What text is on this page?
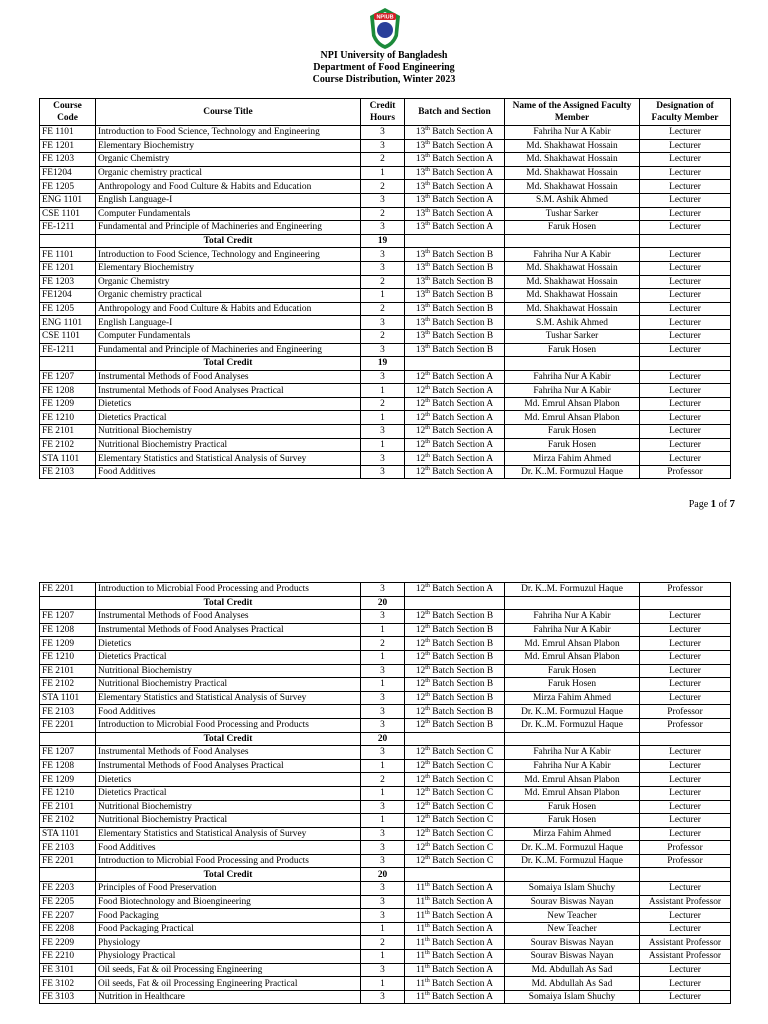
NPIUB
NPI University of Bangladesh
Department of Food Engineering
Course Distribution, Winter 2023
Course Code	Course Title	Credit Hours	Batch and Section	Name of the Assigned Faculty Member	Designation of Faculty Member
FE 1101	Introduction to Food Science, Technology and Engineering	3	13th Batch Section A	Fahriha Nur A Kabir	Lecturer
FE 1201	Elementary Biochemistry	3	13th Batch Section A	Md. Shakhawat Hossain	Lecturer
FE 1203	Organic Chemistry	2	13th Batch Section A	Md. Shakhawat Hossain	Lecturer
FE1204	Organic chemistry practical	1	13th Batch Section A	Md. Shakhawat Hossain	Lecturer
FE 1205	Anthropology and Food Culture & Habits and Education	2	13th Batch Section A	Md. Shakhawat Hossain	Lecturer
ENG 1101	English Language-I	3	13th Batch Section A	S.M. Ashik Ahmed	Lecturer
CSE 1101	Computer Fundamentals	2	13th Batch Section A	Tushar Sarker	Lecturer
FE-1211	Fundamental and Principle of Machineries and Engineering	3	13th Batch Section A	Faruk Hosen	Lecturer
	Total Credit	19			
FE 1101	Introduction to Food Science, Technology and Engineering	3	13th Batch Section B	Fahriha Nur A Kabir	Lecturer
FE 1201	Elementary Biochemistry	3	13th Batch Section B	Md. Shakhawat Hossain	Lecturer
FE 1203	Organic Chemistry	2	13th Batch Section B	Md. Shakhawat Hossain	Lecturer
FE1204	Organic chemistry practical	1	13th Batch Section B	Md. Shakhawat Hossain	Lecturer
FE 1205	Anthropology and Food Culture & Habits and Education	2	13th Batch Section B	Md. Shakhawat Hossain	Lecturer
ENG 1101	English Language-I	3	13th Batch Section B	S.M. Ashik Ahmed	Lecturer
CSE 1101	Computer Fundamentals	2	13th Batch Section B	Tushar Sarker	Lecturer
FE-1211	Fundamental and Principle of Machineries and Engineering	3	13th Batch Section B	Faruk Hosen	Lecturer
	Total Credit	19			
FE 1207	Instrumental Methods of Food Analyses	3	12th Batch Section A	Fahriha Nur A Kabir	Lecturer
FE 1208	Instrumental Methods of Food Analyses Practical	1	12th Batch Section A	Fahriha Nur A Kabir	Lecturer
FE 1209	Dietetics	2	12th Batch Section A	Md. Emrul Ahsan Plabon	Lecturer
FE 1210	Dietetics Practical	1	12th Batch Section A	Md. Emrul Ahsan Plabon	Lecturer
FE 2101	Nutritional Biochemistry	3	12th Batch Section A	Faruk Hosen	Lecturer
FE 2102	Nutritional Biochemistry Practical	1	12th Batch Section A	Faruk Hosen	Lecturer
STA 1101	Elementary Statistics and Statistical Analysis of Survey	3	12th Batch Section A	Mirza Fahim Ahmed	Lecturer
FE 2103	Food Additives	3	12th Batch Section A	Dr. K..M. Formuzul Haque	Professor
Page 1 of 7
FE 2201	Introduction to Microbial Food Processing and Products	3	12th Batch Section A	Dr. K..M. Formuzul Haque	Professor
	Total Credit	20			
FE 1207	Instrumental Methods of Food Analyses	3	12th Batch Section B	Fahriha Nur A Kabir	Lecturer
FE 1208	Instrumental Methods of Food Analyses Practical	1	12th Batch Section B	Fahriha Nur A Kabir	Lecturer
FE 1209	Dietetics	2	12th Batch Section B	Md. Emrul Ahsan Plabon	Lecturer
FE 1210	Dietetics Practical	1	12th Batch Section B	Md. Emrul Ahsan Plabon	Lecturer
FE 2101	Nutritional Biochemistry	3	12th Batch Section B	Faruk Hosen	Lecturer
FE 2102	Nutritional Biochemistry Practical	1	12th Batch Section B	Faruk Hosen	Lecturer
STA 1101	Elementary Statistics and Statistical Analysis of Survey	3	12th Batch Section B	Mirza Fahim Ahmed	Lecturer
FE 2103	Food Additives	3	12th Batch Section B	Dr. K..M. Formuzul Haque	Professor
FE 2201	Introduction to Microbial Food Processing and Products	3	12th Batch Section B	Dr. K..M. Formuzul Haque	Professor
	Total Credit	20			
FE 1207	Instrumental Methods of Food Analyses	3	12th Batch Section C	Fahriha Nur A Kabir	Lecturer
FE 1208	Instrumental Methods of Food Analyses Practical	1	12th Batch Section C	Fahriha Nur A Kabir	Lecturer
FE 1209	Dietetics	2	12th Batch Section C	Md. Emrul Ahsan Plabon	Lecturer
FE 1210	Dietetics Practical	1	12th Batch Section C	Md. Emrul Ahsan Plabon	Lecturer
FE 2101	Nutritional Biochemistry	3	12th Batch Section C	Faruk Hosen	Lecturer
FE 2102	Nutritional Biochemistry Practical	1	12th Batch Section C	Faruk Hosen	Lecturer
STA 1101	Elementary Statistics and Statistical Analysis of Survey	3	12th Batch Section C	Mirza Fahim Ahmed	Lecturer
FE 2103	Food Additives	3	12th Batch Section C	Dr. K..M. Formuzul Haque	Professor
FE 2201	Introduction to Microbial Food Processing and Products	3	12th Batch Section C	Dr. K..M. Formuzul Haque	Professor
	Total Credit	20			
FE 2203	Principles of Food Preservation	3	11th Batch Section A	Somaiya Islam Shuchy	Lecturer
FE 2205	Food Biotechnology and Bioengineering	3	11th Batch Section A	Sourav Biswas Nayan	Assistant Professor
FE 2207	Food Packaging	3	11th Batch Section A	New Teacher	Lecturer
FE 2208	Food Packaging Practical	1	11th Batch Section A	New Teacher	Lecturer
FE 2209	Physiology	2	11th Batch Section A	Sourav Biswas Nayan	Assistant Professor
FE 2210	Physiology Practical	1	11th Batch Section A	Sourav Biswas Nayan	Assistant Professor
FE 3101	Oil seeds, Fat & oil Processing Engineering	3	11th Batch Section A	Md. Abdullah As Sad	Lecturer
FE 3102	Oil seeds, Fat & oil Processing Engineering Practical	1	11th Batch Section A	Md. Abdullah As Sad	Lecturer
FE 3103	Nutrition in Healthcare	3	11th Batch Section A	Somaiya Islam Shuchy	Lecturer
